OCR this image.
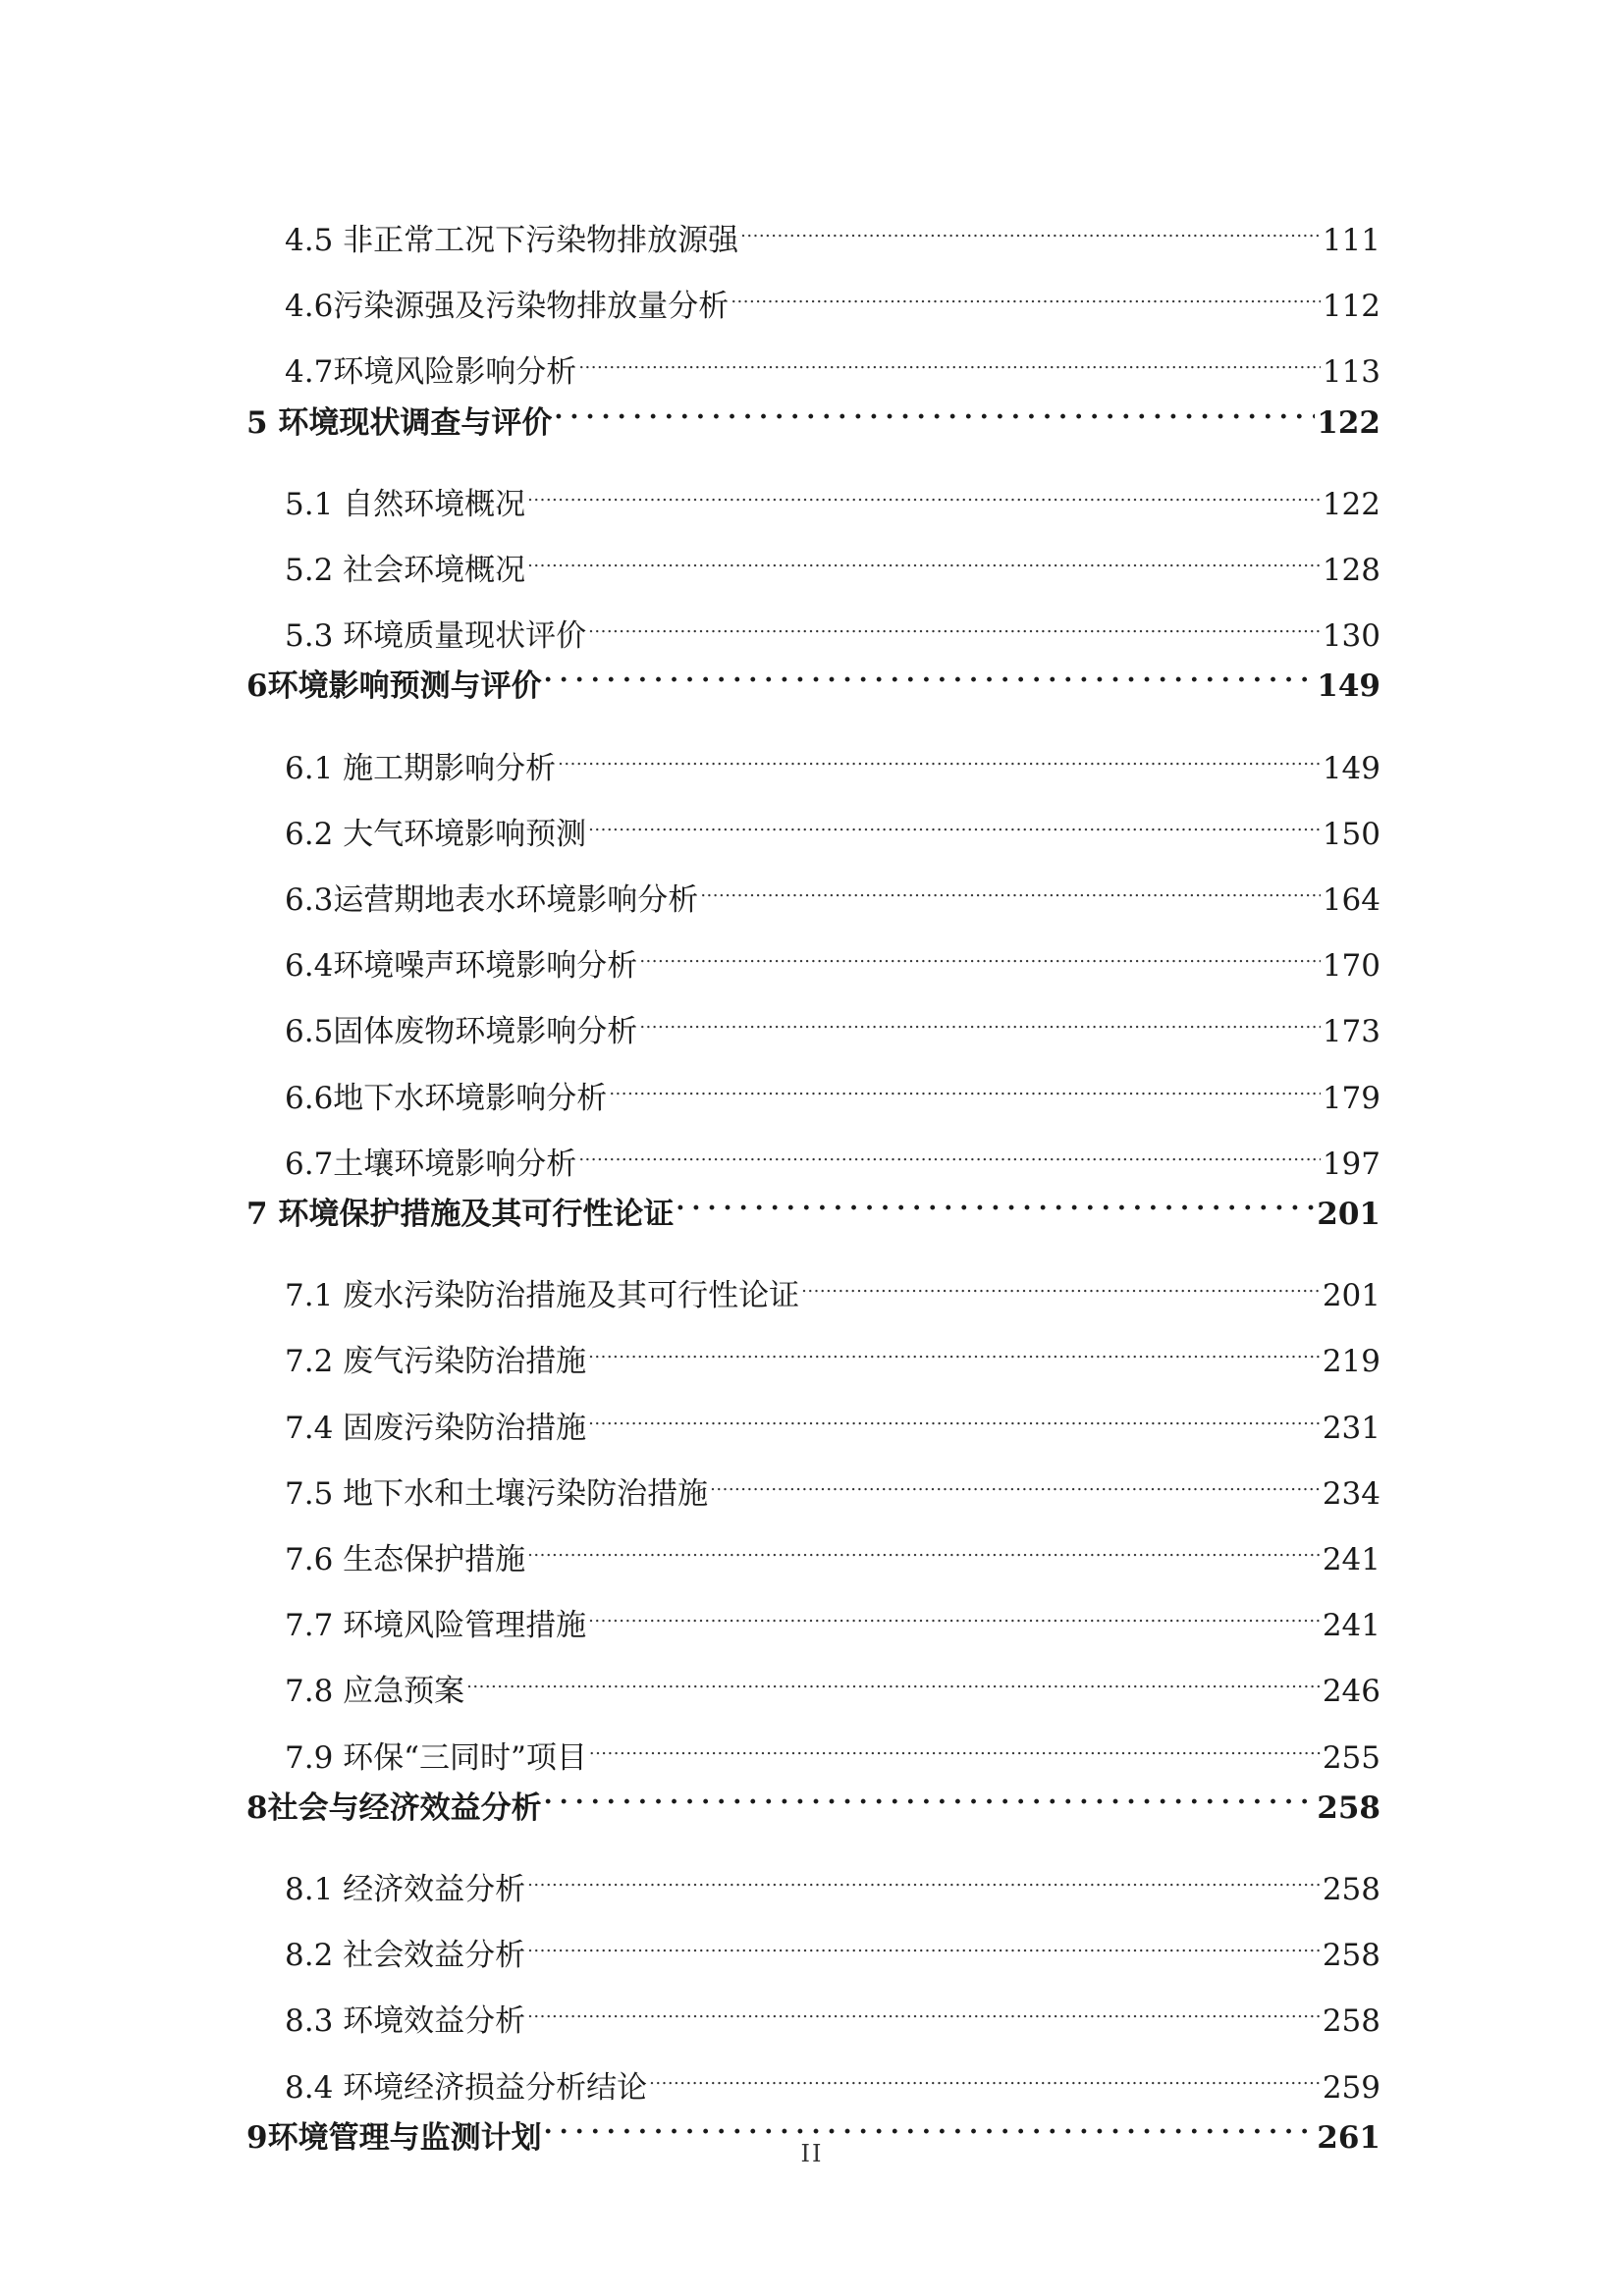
4.5 非正常工况下污染物排放源强 .....	111
4.6污染源强及污染物排放量分析 .....	112
4.7环境风险影响分析 .....	113
5 环境现状调查与评价 .....	122
5.1 自然环境概况 .....	122
5.2 社会环境概况 .....	128
5.3 环境质量现状评价 .....	130
6环境影响预测与评价 .....	149
6.1 施工期影响分析 .....	149
6.2 大气环境影响预测 .....	150
6.3运营期地表水环境影响分析 .....	164
6.4环境噪声环境影响分析 .....	170
6.5固体废物环境影响分析 .....	173
6.6地下水环境影响分析 .....	179
6.7土壤环境影响分析 .....	197
7 环境保护措施及其可行性论证 .....	201
7.1 废水污染防治措施及其可行性论证 .....	201
7.2 废气污染防治措施 .....	219
7.4 固废污染防治措施 .....	231
7.5 地下水和土壤污染防治措施 .....	234
7.6 生态保护措施 .....	241
7.7 环境风险管理措施 .....	241
7.8 应急预案 .....	246
7.9 环保“三同时”项目 .....	255
8社会与经济效益分析 .....	258
8.1 经济效益分析 .....	258
8.2 社会效益分析 .....	258
8.3 环境效益分析 .....	258
8.4 环境经济损益分析结论 .....	259
9环境管理与监测计划 .....	261
II
